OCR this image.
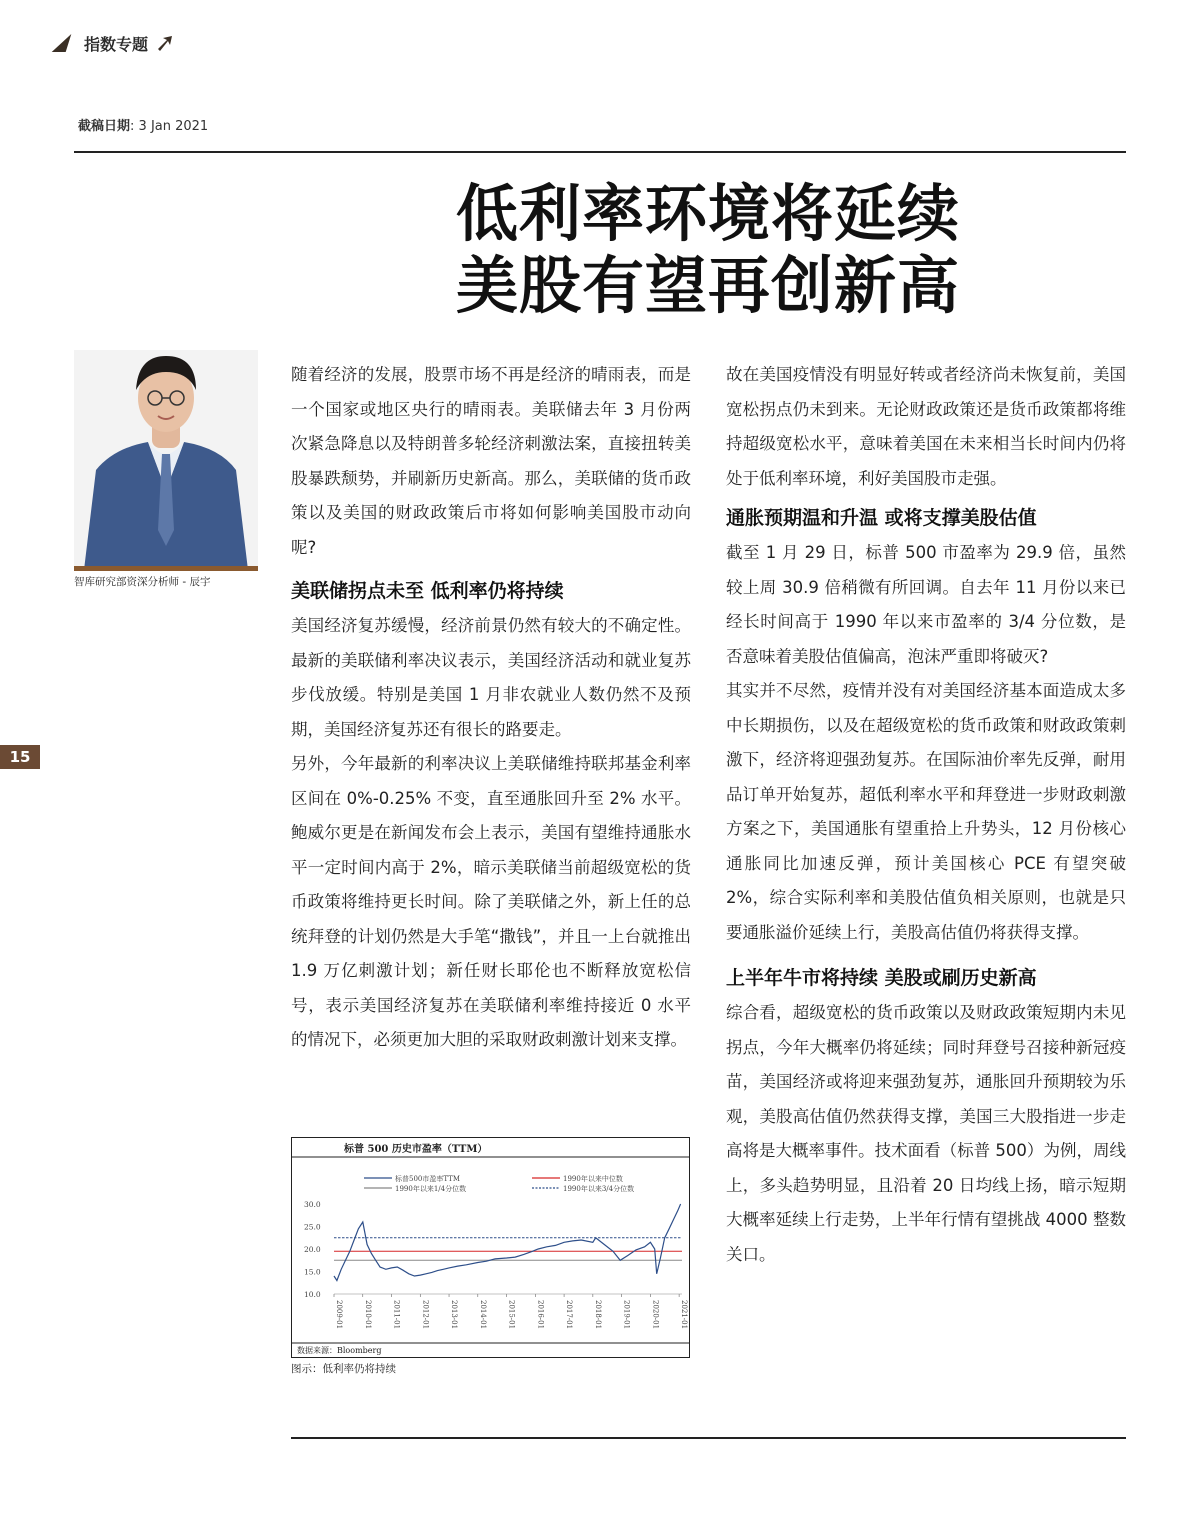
指数专题
截稿日期: 3 Jan 2021
低利率环境将延续
美股有望再创新高
智库研究部资深分析师 - 辰宇
15

随着经济的发展，股票市场不再是经济的晴雨表，而是一个国家或地区央行的晴雨表。美联储去年 3 月份两次紧急降息以及特朗普多轮经济刺激法案，直接扭转美股暴跌颓势，并刷新历史新高。那么，美联储的货币政策以及美国的财政政策后市将如何影响美国股市动向呢?

美联储拐点未至 低利率仍将持续

美国经济复苏缓慢，经济前景仍然有较大的不确定性。最新的美联储利率决议表示，美国经济活动和就业复苏步伐放缓。特别是美国 1 月非农就业人数仍然不及预期，美国经济复苏还有很长的路要走。

另外，今年最新的利率决议上美联储维持联邦基金利率区间在 0%-0.25% 不变，直至通胀回升至 2% 水平。鲍威尔更是在新闻发布会上表示，美国有望维持通胀水平一定时间内高于 2%，暗示美联储当前超级宽松的货币政策将维持更长时间。除了美联储之外，新上任的总统拜登的计划仍然是大手笔“撒钱”，并且一上台就推出 1.9 万亿刺激计划；新任财长耶伦也不断释放宽松信号，表示美国经济复苏在美联储利率维持接近 0 水平的情况下，必须更加大胆的采取财政刺激计划来支撑。

故在美国疫情没有明显好转或者经济尚未恢复前，美国宽松拐点仍未到来。无论财政政策还是货币政策都将维持超级宽松水平，意味着美国在未来相当长时间内仍将处于低利率环境，利好美国股市走强。

通胀预期温和升温 或将支撑美股估值

截至 1 月 29 日，标普 500 市盈率为 29.9 倍，虽然较上周 30.9 倍稍微有所回调。自去年 11 月份以来已经长时间高于 1990 年以来市盈率的 3/4 分位数，是否意味着美股估值偏高，泡沫严重即将破灭?

其实并不尽然，疫情并没有对美国经济基本面造成太多中长期损伤，以及在超级宽松的货币政策和财政政策刺激下，经济将迎强劲复苏。在国际油价率先反弹，耐用品订单开始复苏，超低利率水平和拜登进一步财政刺激方案之下，美国通胀有望重拾上升势头，12 月份核心通胀同比加速反弹，预计美国核心 PCE 有望突破 2%，综合实际利率和美股估值负相关原则，也就是只要通胀溢价延续上行，美股高估值仍将获得支撑。

上半年牛市将持续 美股或刷历史新高

综合看，超级宽松的货币政策以及财政政策短期内未见拐点，今年大概率仍将延续；同时拜登号召接种新冠疫苗，美国经济或将迎来强劲复苏，通胀回升预期较为乐观，美股高估值仍然获得支撑，美国三大股指进一步走高将是大概率事件。技术面看（标普 500）为例，周线上，多头趋势明显，且沿着 20 日均线上扬，暗示短期大概率延续上行走势，上半年行情有望挑战 4000 整数关口。

标普 500 历史市盈率（TTM）
标普500市盈率TTM
1990年以来1/4分位数
1990年以来中位数
1990年以来3/4分位数
30.0
25.0
20.0
15.0
10.0
2009-01	2010-01	2011-01	2012-01	2013-01	2014-01	2015-01	2016-01	2017-01	2018-01	2019-01	2020-01	2021-01
数据来源：Bloomberg
图示：低利率仍将持续
